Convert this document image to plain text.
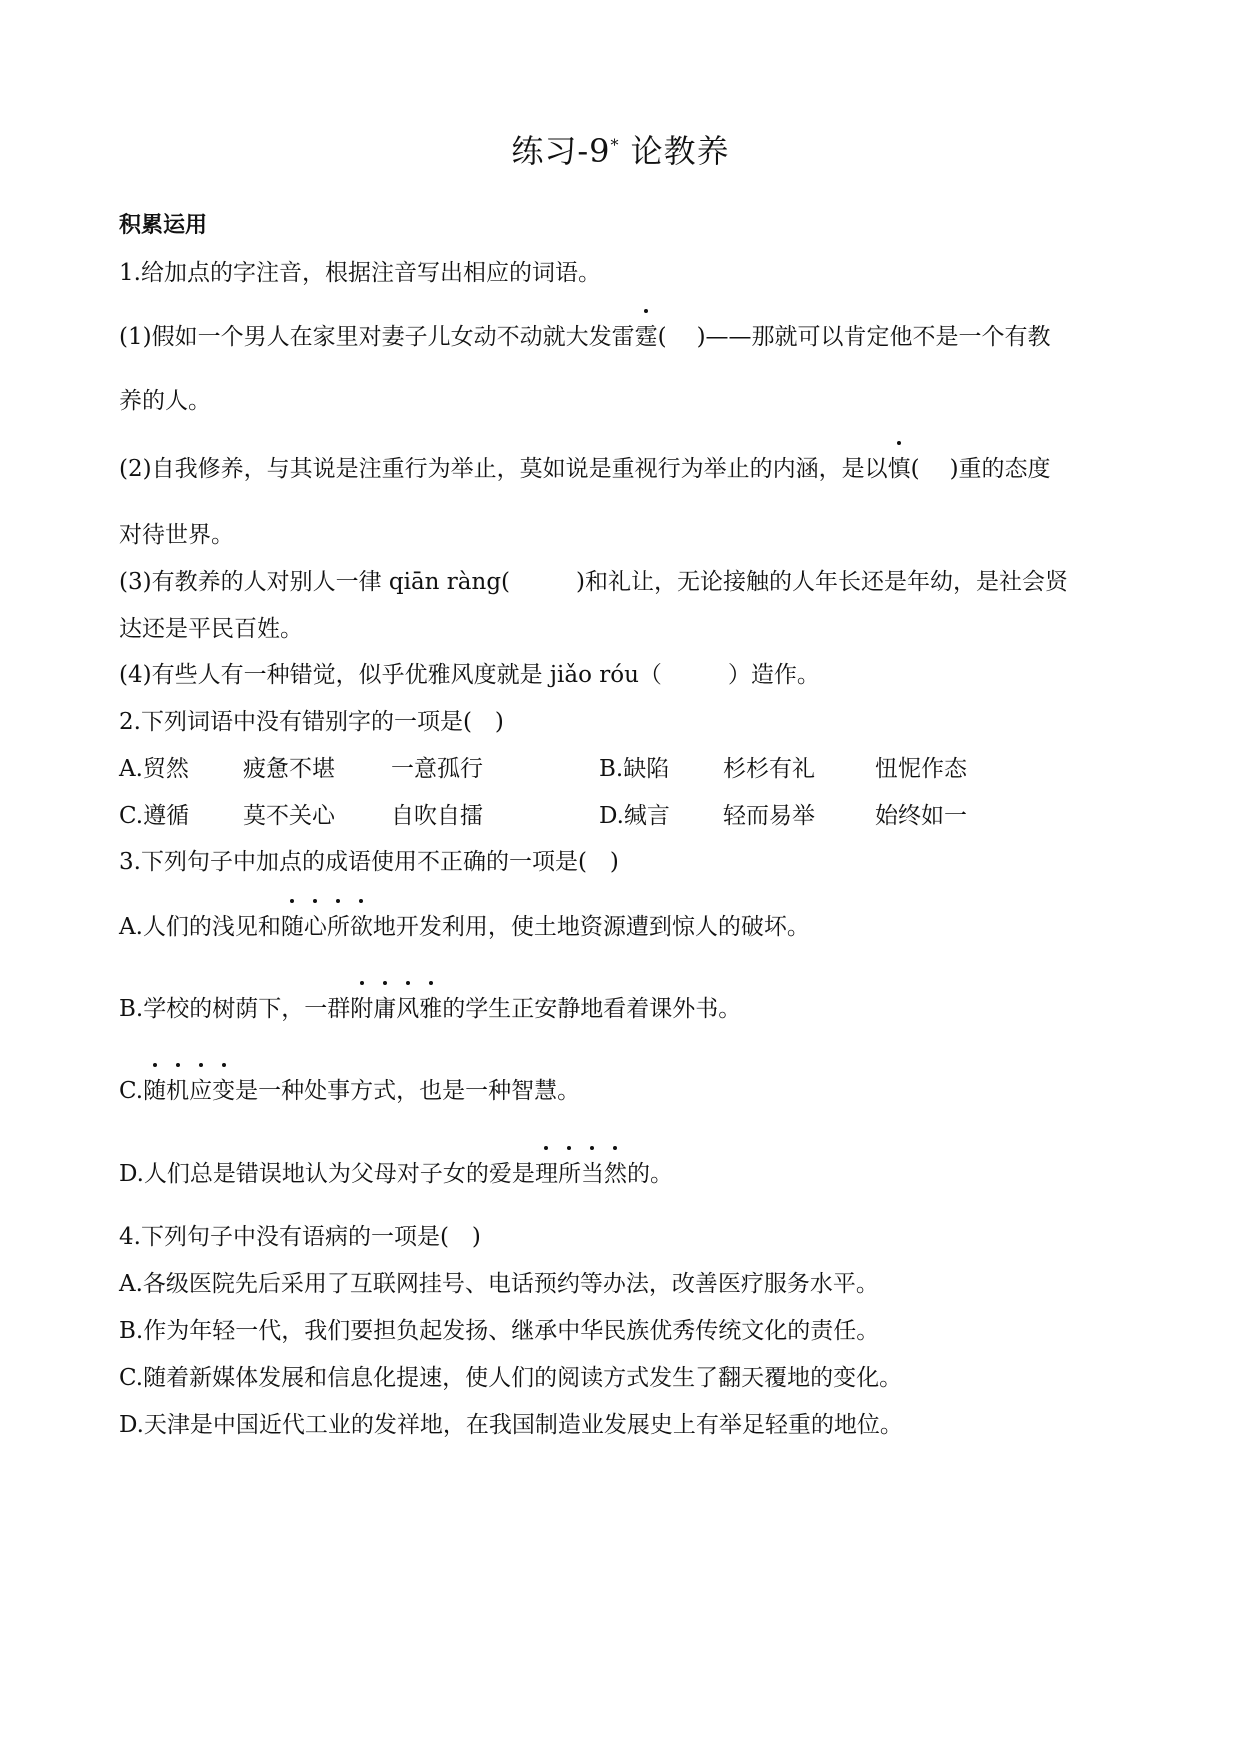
练习-9* 论教养
积累运用
1.给加点的字注音，根据注音写出相应的词语。
(1)假如一个男人在家里对妻子儿女动不动就大发雷霆( )——那就可以肯定他不是一个有教
养的人。
(2)自我修养，与其说是注重行为举止，莫如说是重视行为举止的内涵，是以慎( )重的态度
对待世界。
(3)有教养的人对别人一律 qiān ràng(	)和礼让，无论接触的人年长还是年幼，是社会贤
达还是平民百姓。
(4)有些人有一种错觉，似乎优雅风度就是 jiǎo róu（	）造作。
2.下列词语中没有错别字的一项是(　)
A.贸然 疲惫不堪 一意孤行	B.缺陷 杉杉有礼	忸怩作态
C.遵循 莫不关心 自吹自擂	D.缄言 轻而易举	始终如一
3.下列句子中加点的成语使用不正确的一项是(　)
A.人们的浅见和随心所欲地开发利用，使土地资源遭到惊人的破坏。
B.学校的树荫下，一群附庸风雅的学生正安静地看着课外书。
C.随机应变是一种处事方式，也是一种智慧。
D.人们总是错误地认为父母对子女的爱是理所当然的。
4.下列句子中没有语病的一项是(　)
A.各级医院先后采用了互联网挂号、电话预约等办法，改善医疗服务水平。
B.作为年轻一代，我们要担负起发扬、继承中华民族优秀传统文化的责任。
C.随着新媒体发展和信息化提速，使人们的阅读方式发生了翻天覆地的变化。
D.天津是中国近代工业的发祥地，在我国制造业发展史上有举足轻重的地位。
